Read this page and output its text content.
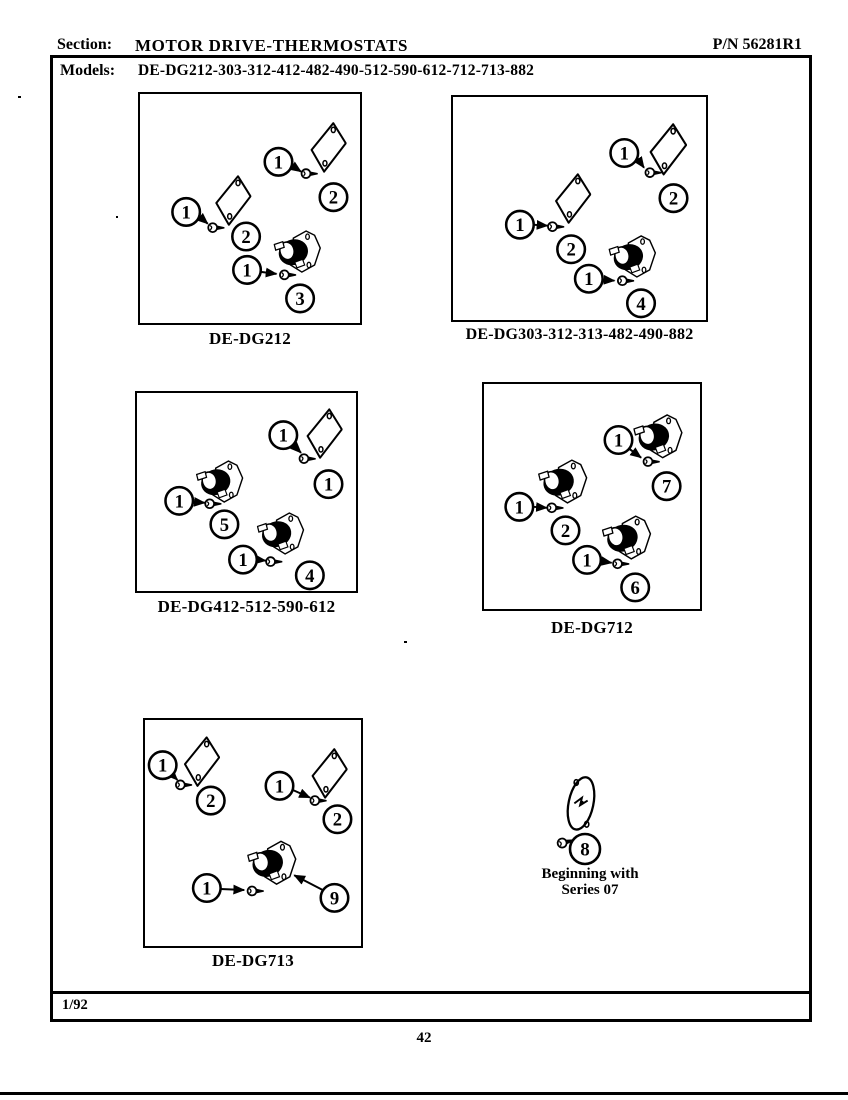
Section: MOTOR DRIVE-THERMOSTATS	P/N 56281R1
Models: DE-DG212-303-312-412-482-490-512-590-612-712-713-882
1/92
1
2
1
2
1
3
DE-DG212
1
2
1
2
1
4
DE-DG303-312-313-482-490-882
1
1
1
5
1
4
DE-DG412-512-590-612
1
7
1
2
1
6
DE-DG712
1
2
1
2
1	9
DE-DG713
8
Beginning with
Series 07
42
